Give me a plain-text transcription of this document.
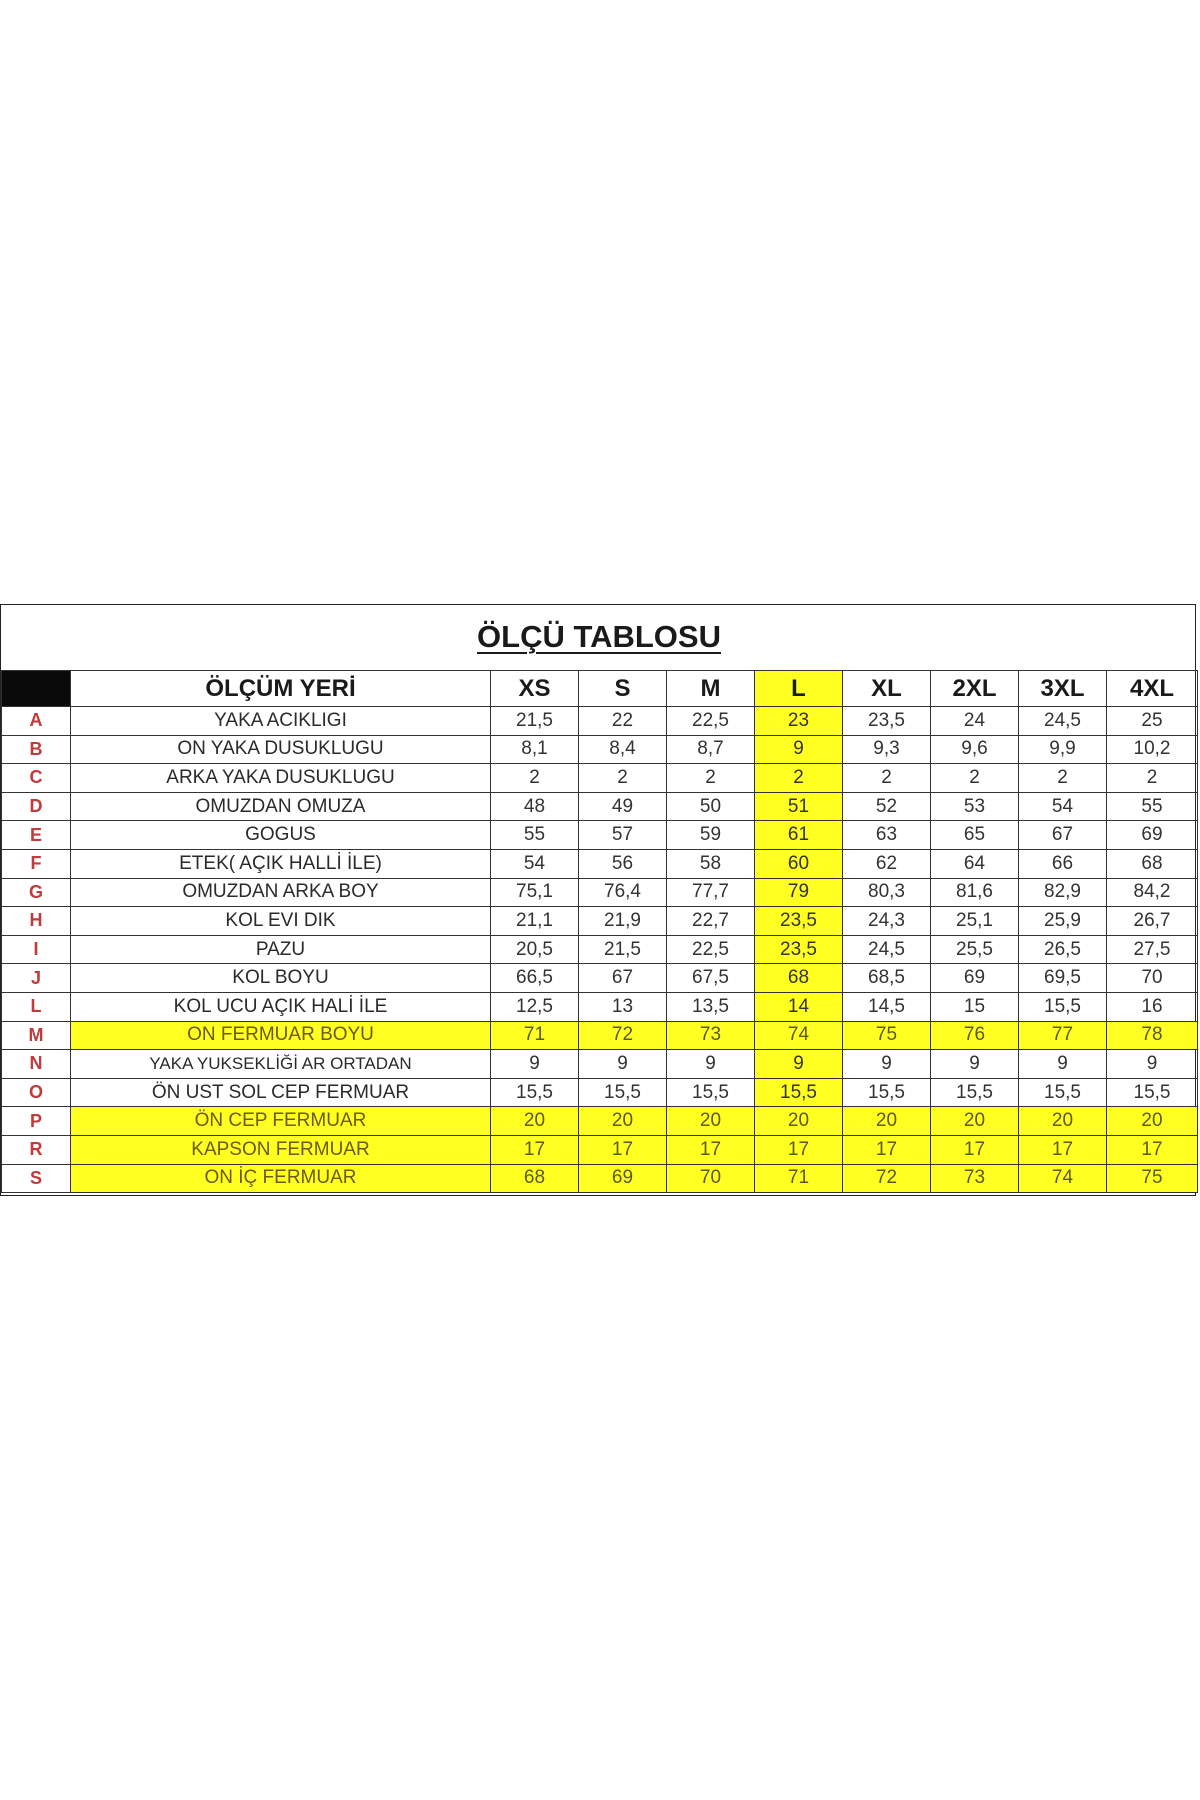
ÖLÇÜ TABLOSU
	ÖLÇÜM YERİ	XS	S	M	L	XL	2XL	3XL	4XL
A	YAKA ACIKLIGI	21,5	22	22,5	23	23,5	24	24,5	25
B	ON YAKA DUSUKLUGU	8,1	8,4	8,7	9	9,3	9,6	9,9	10,2
C	ARKA YAKA DUSUKLUGU	2	2	2	2	2	2	2	2
D	OMUZDAN OMUZA	48	49	50	51	52	53	54	55
E	GOGUS	55	57	59	61	63	65	67	69
F	ETEK( AÇIK HALLİ İLE)	54	56	58	60	62	64	66	68
G	OMUZDAN ARKA BOY	75,1	76,4	77,7	79	80,3	81,6	82,9	84,2
H	KOL EVI DIK	21,1	21,9	22,7	23,5	24,3	25,1	25,9	26,7
I	PAZU	20,5	21,5	22,5	23,5	24,5	25,5	26,5	27,5
J	KOL BOYU	66,5	67	67,5	68	68,5	69	69,5	70
L	KOL UCU AÇIK HALİ İLE	12,5	13	13,5	14	14,5	15	15,5	16
M	ON FERMUAR BOYU	71	72	73	74	75	76	77	78
N	YAKA YUKSEKLİĞİ AR ORTADAN	9	9	9	9	9	9	9	9
O	ÖN UST SOL CEP FERMUAR	15,5	15,5	15,5	15,5	15,5	15,5	15,5	15,5
P	ÖN CEP FERMUAR	20	20	20	20	20	20	20	20
R	KAPSON FERMUAR	17	17	17	17	17	17	17	17
S	ON İÇ FERMUAR	68	69	70	71	72	73	74	75
